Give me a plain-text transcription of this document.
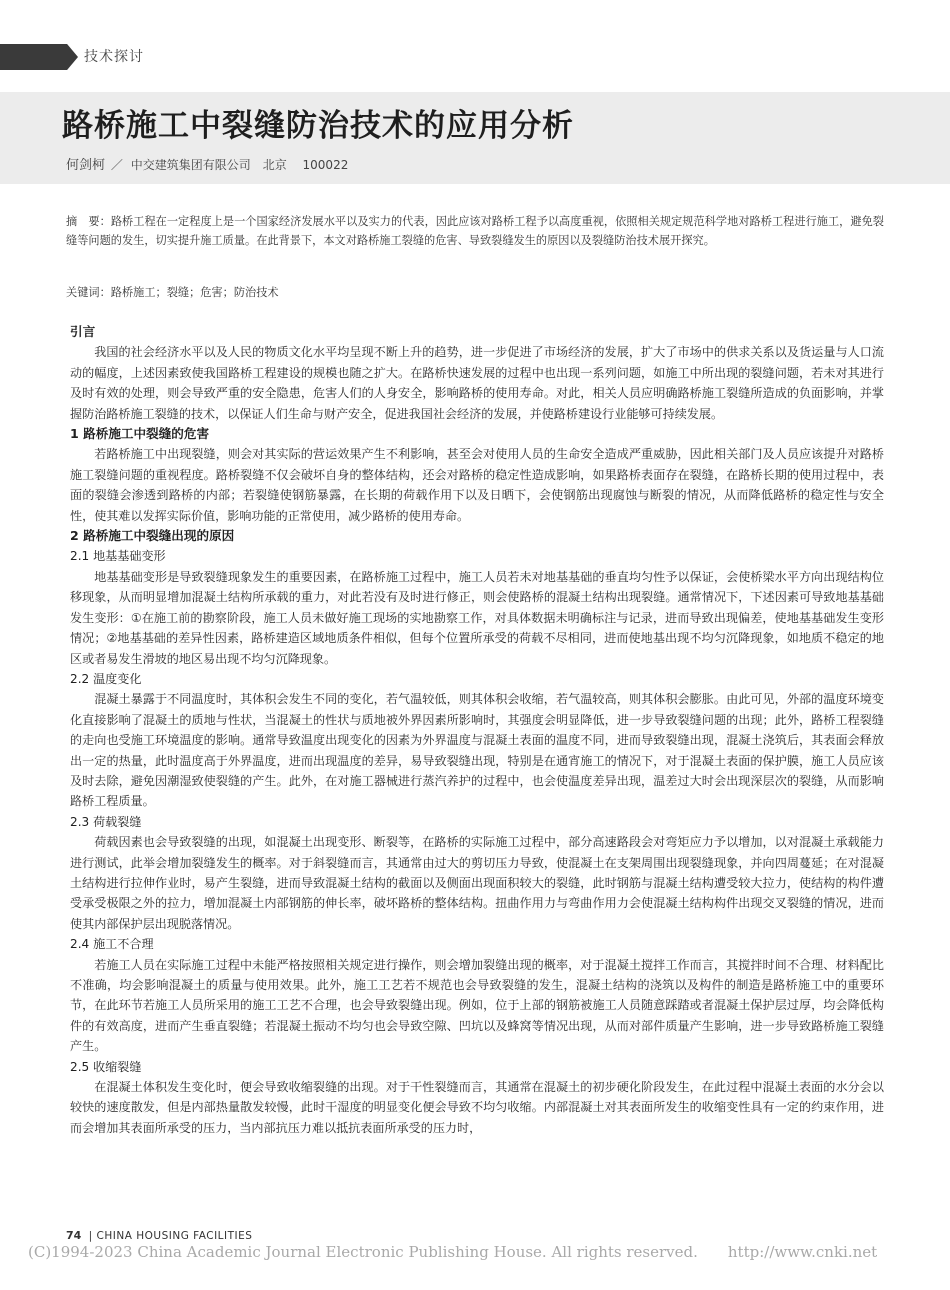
技术探讨
路桥施工中裂缝防治技术的应用分析
何剑柯 ／ 中交建筑集团有限公司　北京 100022
摘　要：路桥工程在一定程度上是一个国家经济发展水平以及实力的代表，因此应该对路桥工程予以高度重视，依照相关规定规范科学地对路桥工程进行施工，避免裂缝等问题的发生，切实提升施工质量。在此背景下，本文对路桥施工裂缝的危害、导致裂缝发生的原因以及裂缝防治技术展开探究。
关键词：路桥施工；裂缝；危害；防治技术
引言

我国的社会经济水平以及人民的物质文化水平均呈现不断上升的趋势，进一步促进了市场经济的发展，扩大了市场中的供求关系以及货运量与人口流动的幅度，上述因素致使我国路桥工程建设的规模也随之扩大。在路桥快速发展的过程中也出现一系列问题，如施工中所出现的裂缝问题，若未对其进行及时有效的处理，则会导致严重的安全隐患，危害人们的人身安全，影响路桥的使用寿命。对此，相关人员应明确路桥施工裂缝所造成的负面影响，并掌握防治路桥施工裂缝的技术，以保证人们生命与财产安全，促进我国社会经济的发展，并使路桥建设行业能够可持续发展。

1 路桥施工中裂缝的危害

若路桥施工中出现裂缝，则会对其实际的营运效果产生不利影响，甚至会对使用人员的生命安全造成严重威胁，因此相关部门及人员应该提升对路桥施工裂缝问题的重视程度。路桥裂缝不仅会破坏自身的整体结构，还会对路桥的稳定性造成影响，如果路桥表面存在裂缝，在路桥长期的使用过程中，表面的裂缝会渗透到路桥的内部；若裂缝使钢筋暴露，在长期的荷载作用下以及日晒下，会使钢筋出现腐蚀与断裂的情况，从而降低路桥的稳定性与安全性，使其难以发挥实际价值，影响功能的正常使用，减少路桥的使用寿命。

2 路桥施工中裂缝出现的原因
2.1 地基基础变形

地基基础变形是导致裂缝现象发生的重要因素，在路桥施工过程中，施工人员若未对地基基础的垂直均匀性予以保证，会使桥梁水平方向出现结构位移现象，从而明显增加混凝土结构所承载的重力，对此若没有及时进行修正，则会使路桥的混凝土结构出现裂缝。通常情况下，下述因素可导致地基基础发生变形：①在施工前的勘察阶段，施工人员未做好施工现场的实地勘察工作，对具体数据未明确标注与记录，进而导致出现偏差，使地基基础发生变形情况；②地基基础的差异性因素，路桥建造区域地质条件相似，但每个位置所承受的荷载不尽相同，进而使地基出现不均匀沉降现象，如地质不稳定的地区或者易发生滑坡的地区易出现不均匀沉降现象。

2.2 温度变化

混凝土暴露于不同温度时，其体积会发生不同的变化，若气温较低，则其体积会收缩，若气温较高，则其体积会膨胀。由此可见，外部的温度环境变化直接影响了混凝土的质地与性状，当混凝土的性状与质地被外界因素所影响时，其强度会明显降低，进一步导致裂缝问题的出现；此外，路桥工程裂缝的走向也受施工环境温度的影响。通常导致温度出现变化的因素为外界温度与混凝土表面的温度不同，进而导致裂缝出现，混凝土浇筑后，其表面会释放出一定的热量，此时温度高于外界温度，进而出现温度的差异，易导致裂缝出现，特别是在通宵施工的情况下，对于混凝土表面的保护膜，施工人员应该及时去除，避免因潮湿致使裂缝的产生。此外，在对施工器械进行蒸汽养护的过程中，也会使温度差异出现，温差过大时会出现深层次的裂缝，从而影响路桥工程质量。

2.3 荷载裂缝

荷载因素也会导致裂缝的出现，如混凝土出现变形、断裂等，在路桥的实际施工过程中，部分高速路段会对弯矩应力予以增加，以对混凝土承载能力进行测试，此举会增加裂缝发生的概率。对于斜裂缝而言，其通常由过大的剪切压力导致，使混凝土在支架周围出现裂缝现象，并向四周蔓延；在对混凝土结构进行拉伸作业时，易产生裂缝，进而导致混凝土结构的截面以及侧面出现面积较大的裂缝，此时钢筋与混凝土结构遭受较大拉力，使结构的构件遭受承受极限之外的拉力，增加混凝土内部钢筋的伸长率，破坏路桥的整体结构。扭曲作用力与弯曲作用力会使混凝土结构构件出现交叉裂缝的情况，进而使其内部保护层出现脱落情况。

2.4 施工不合理

若施工人员在实际施工过程中未能严格按照相关规定进行操作，则会增加裂缝出现的概率，对于混凝土搅拌工作而言，其搅拌时间不合理、材料配比不准确，均会影响混凝土的质量与使用效果。此外，施工工艺若不规范也会导致裂缝的发生，混凝土结构的浇筑以及构件的制造是路桥施工中的重要环节，在此环节若施工人员所采用的施工工艺不合理，也会导致裂缝出现。例如，位于上部的钢筋被施工人员随意踩踏或者混凝土保护层过厚，均会降低构件的有效高度，进而产生垂直裂缝；若混凝土振动不均匀也会导致空隙、凹坑以及蜂窝等情况出现，从而对部件质量产生影响，进一步导致路桥施工裂缝产生。

2.5 收缩裂缝

在混凝土体积发生变化时，便会导致收缩裂缝的出现。对于干性裂缝而言，其通常在混凝土的初步硬化阶段发生，在此过程中混凝土表面的水分会以较快的速度散发，但是内部热量散发较慢，此时干湿度的明显变化便会导致不均匀收缩。内部混凝土对其表面所发生的收缩变性具有一定的约束作用，进而会增加其表面所承受的压力，当内部抗压力难以抵抗表面所承受的压力时，

74 | CHINA HOUSING FACILITIES
(C)1994-2023 China Academic Journal Electronic Publishing House. All rights reserved.　　http://www.cnki.net
